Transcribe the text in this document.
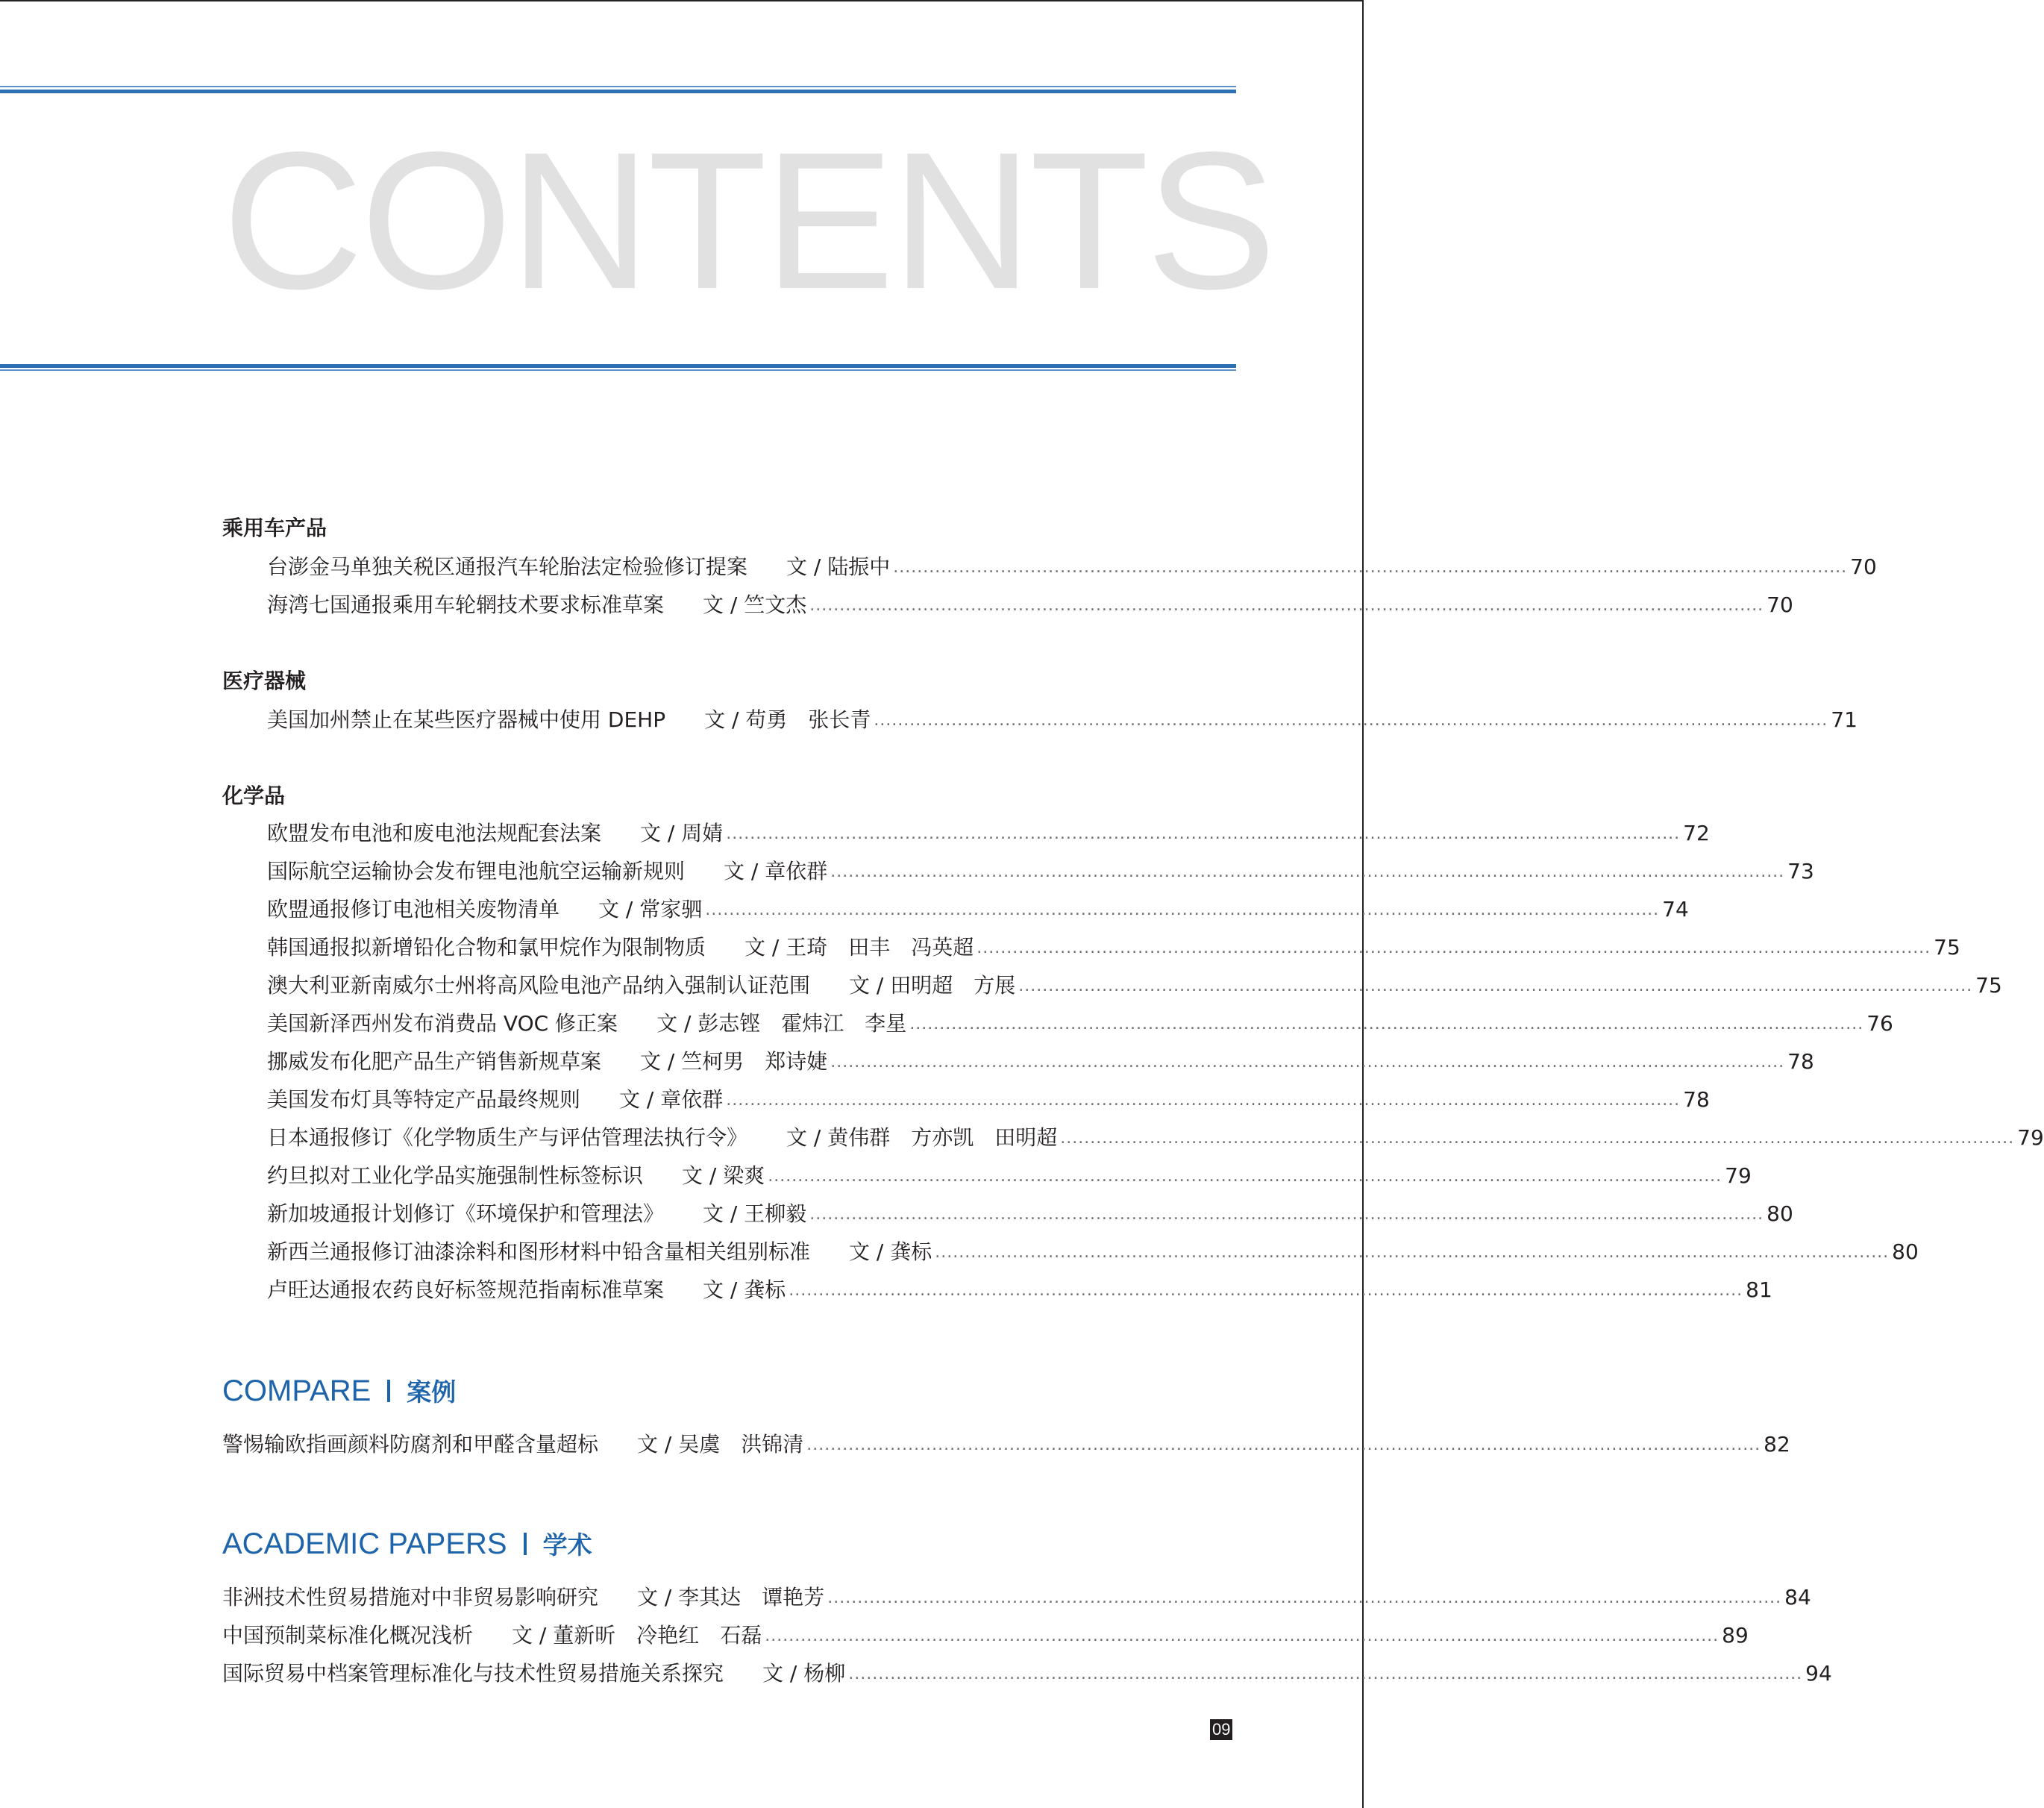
CONTENTS
乘用车产品
台澎金马单独关税区通报汽车轮胎法定检验修订提案 文 / 陆振中 ................................................................................................................................................................ 70
海湾七国通报乘用车轮辋技术要求标准草案 文 / 竺文杰 ................................................................................................................................................................ 70
医疗器械
美国加州禁止在某些医疗器械中使用 DEHP 文 / 苟勇　张长青 ................................................................................................................................................................ 71
化学品
欧盟发布电池和废电池法规配套法案 文 / 周婧 ................................................................................................................................................................ 72
国际航空运输协会发布锂电池航空运输新规则 文 / 章依群 ................................................................................................................................................................ 73
欧盟通报修订电池相关废物清单 文 / 常家驷 ................................................................................................................................................................ 74
韩国通报拟新增铅化合物和氯甲烷作为限制物质 文 / 王琦　田丰　冯英超 ................................................................................................................................................................ 75
澳大利亚新南威尔士州将高风险电池产品纳入强制认证范围 文 / 田明超　方展 ................................................................................................................................................................ 75
美国新泽西州发布消费品 VOC 修正案 文 / 彭志铿　霍炜江　李星 ................................................................................................................................................................ 76
挪威发布化肥产品生产销售新规草案 文 / 竺柯男　郑诗婕 ................................................................................................................................................................ 78
美国发布灯具等特定产品最终规则 文 / 章依群 ................................................................................................................................................................ 78
日本通报修订《化学物质生产与评估管理法执行令》 文 / 黄伟群　方亦凯　田明超 ................................................................................................................................................................ 79
约旦拟对工业化学品实施强制性标签标识 文 / 梁爽 ................................................................................................................................................................ 79
新加坡通报计划修订《环境保护和管理法》 文 / 王柳毅 ................................................................................................................................................................ 80
新西兰通报修订油漆涂料和图形材料中铅含量相关组别标准 文 / 龚标 ................................................................................................................................................................ 80
卢旺达通报农药良好标签规范指南标准草案 文 / 龚标 ................................................................................................................................................................ 81
COMPARE 案例
警惕输欧指画颜料防腐剂和甲醛含量超标 文 / 吴虞　洪锦清 ................................................................................................................................................................ 82
ACADEMIC PAPERS 学术
非洲技术性贸易措施对中非贸易影响研究 文 / 李其达　谭艳芳 ................................................................................................................................................................ 84
中国预制菜标准化概况浅析 文 / 董新昕　冷艳红　石磊 ................................................................................................................................................................ 89
国际贸易中档案管理标准化与技术性贸易措施关系探究 文 / 杨柳 ................................................................................................................................................................ 94
09
